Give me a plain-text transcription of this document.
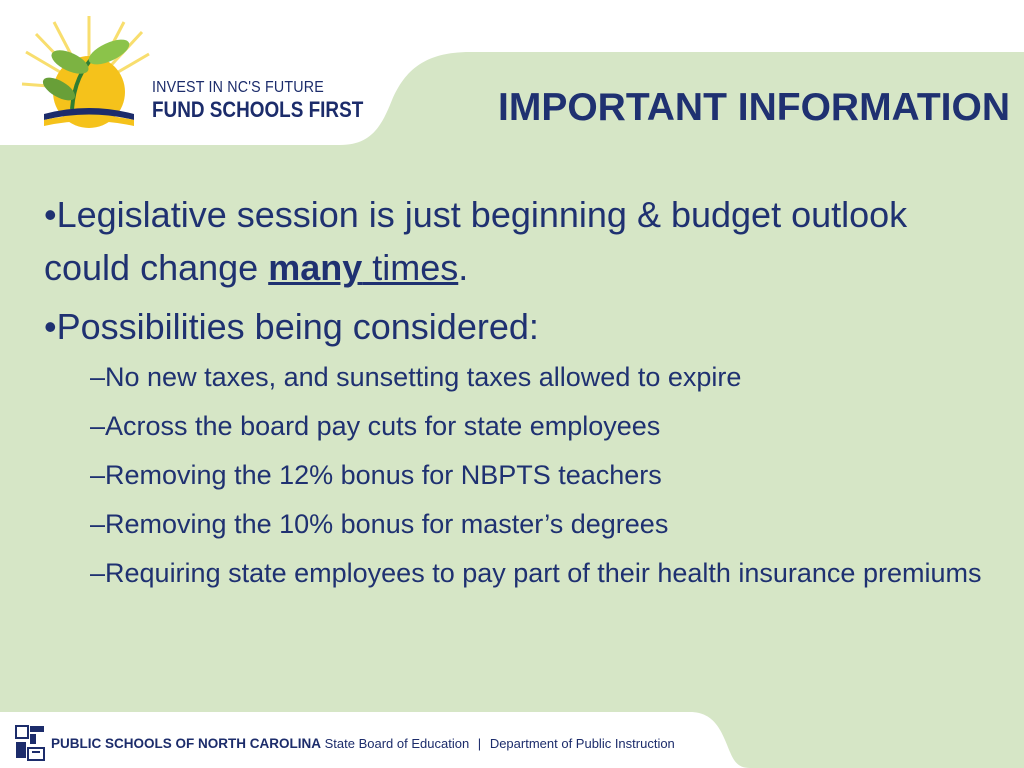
INVEST IN NC'S FUTURE
FUND SCHOOLS FIRST	IMPORTANT INFORMATION

•Legislative session is just beginning & budget outlook could change many times.

•Possibilities being considered:

–No new taxes, and sunsetting taxes allowed to expire

–Across the board pay cuts for state employees

–Removing the 12% bonus for NBPTS teachers

–Removing the 10% bonus for master’s degrees

–Requiring state employees to pay part of their health insurance premiums

PUBLIC SCHOOLS OF NORTH CAROLINA State Board of Education | Department of Public Instruction
